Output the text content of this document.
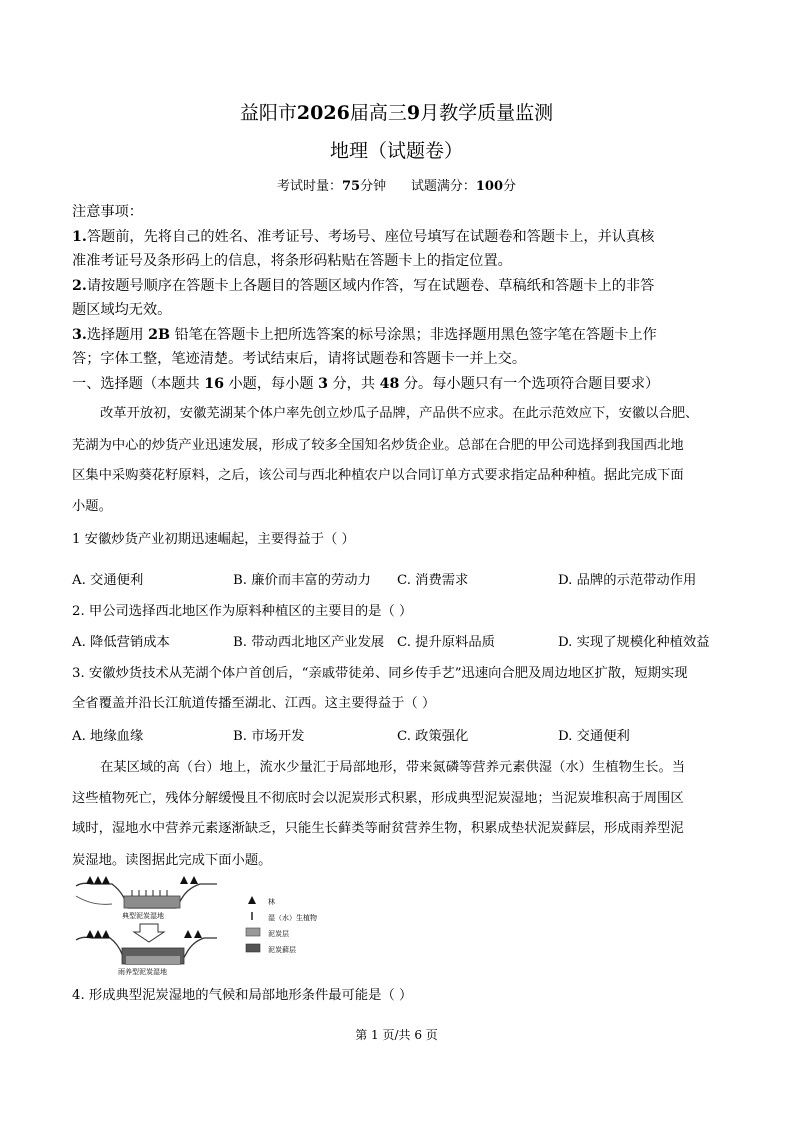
益阳市2026届高三9月教学质量监测
地理（试题卷）
考试时量：75分钟 试题满分：100分
注意事项：
1.答题前，先将自己的姓名、准考证号、考场号、座位号填写在试题卷和答题卡上，并认真核
准准考证号及条形码上的信息，将条形码粘贴在答题卡上的指定位置。
2.请按题号顺序在答题卡上各题目的答题区域内作答，写在试题卷、草稿纸和答题卡上的非答
题区域均无效。
3.选择题用 2B 铅笔在答题卡上把所选答案的标号涂黑；非选择题用黑色签字笔在答题卡上作
答；字体工整，笔迹清楚。考试结束后，请将试题卷和答题卡一并上交。
一、选择题（本题共 16 小题，每小题 3 分，共 48 分。每小题只有一个选项符合题目要求）
改革开放初，安徽芜湖某个体户率先创立炒瓜子品牌，产品供不应求。在此示范效应下，安徽以合肥、
芜湖为中心的炒货产业迅速发展，形成了较多全国知名炒货企业。总部在合肥的甲公司选择到我国西北地
区集中采购葵花籽原料，之后，该公司与西北种植农户以合同订单方式要求指定品种种植。据此完成下面
小题。
1 安徽炒货产业初期迅速崛起，主要得益于（ ）
A. 交通便利	B. 廉价而丰富的劳动力 C. 消费需求	D. 品牌的示范带动作用
2. 甲公司选择西北地区作为原料种植区的主要目的是（ ）
A. 降低营销成本	B. 带动西北地区产业发展 C. 提升原料品质	D. 实现了规模化种植效益
3. 安徽炒货技术从芜湖个体户首创后，“亲戚带徒弟、同乡传手艺”迅速向合肥及周边地区扩散，短期实现
全省覆盖并沿长江航道传播至湖北、江西。这主要得益于（ ）
A. 地缘血缘	B. 市场开发	C. 政策强化	D. 交通便利
在某区域的高（台）地上，流水少量汇于局部地形，带来氮磷等营养元素供湿（水）生植物生长。当
这些植物死亡，残体分解缓慢且不彻底时会以泥炭形式积累，形成典型泥炭湿地；当泥炭堆积高于周围区
域时，湿地水中营养元素逐渐缺乏，只能生长藓类等耐贫营养生物，积累成垫状泥炭藓层，形成雨养型泥
炭湿地。读图据此完成下面小题。
典型泥炭湿地
雨养型泥炭湿地
林
湿（水）生植物
泥炭层
泥炭藓层
4. 形成典型泥炭湿地的气候和局部地形条件最可能是（ ）
第 1 页/共 6 页
